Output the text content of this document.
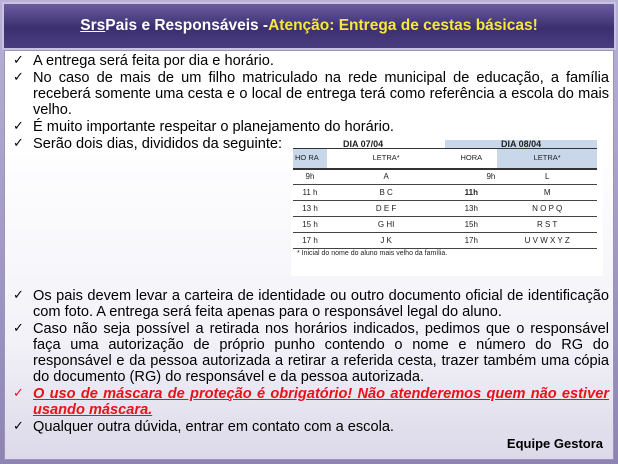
Srs Pais e Responsáveis - Atenção: Entrega de cestas básicas!
✓ A entrega será feita por dia e horário.
✓ No caso de mais de um filho matriculado na rede municipal de educação, a família receberá somente uma cesta e o local de entrega terá como referência a escola do mais velho.
✓ É muito importante respeitar o planejamento do horário.
✓ Serão dois dias, divididos da seguinte:
✓ Os pais devem levar a carteira de identidade ou outro documento oficial de identificação com foto. A entrega será feita apenas para o responsável legal do aluno.
✓ Caso não seja possível a retirada nos horários indicados, pedimos que o responsável faça uma autorização de próprio punho contendo o nome e número do RG do responsável e da pessoa autorizada a retirar a referida cesta, trazer também uma cópia do documento (RG) do responsável e da pessoa autorizada.
✓ O uso de máscara de proteção é obrigatório! Não atenderemos quem não estiver usando máscara.
✓ Qualquer outra dúvida, entrar em contato com a escola.
DIA 07/04		DIA 08/04	
HO RA	LETRA*	HORA	LETRA*
9h	A	9h	L
11 h	B C	11h	M
13 h	D E F	13h	N O P Q
15 h	G HI	15h	R S T
17 h	J K	17h	U V W X Y Z
* Inicial do nome do aluno mais velho da família.
Equipe Gestora
